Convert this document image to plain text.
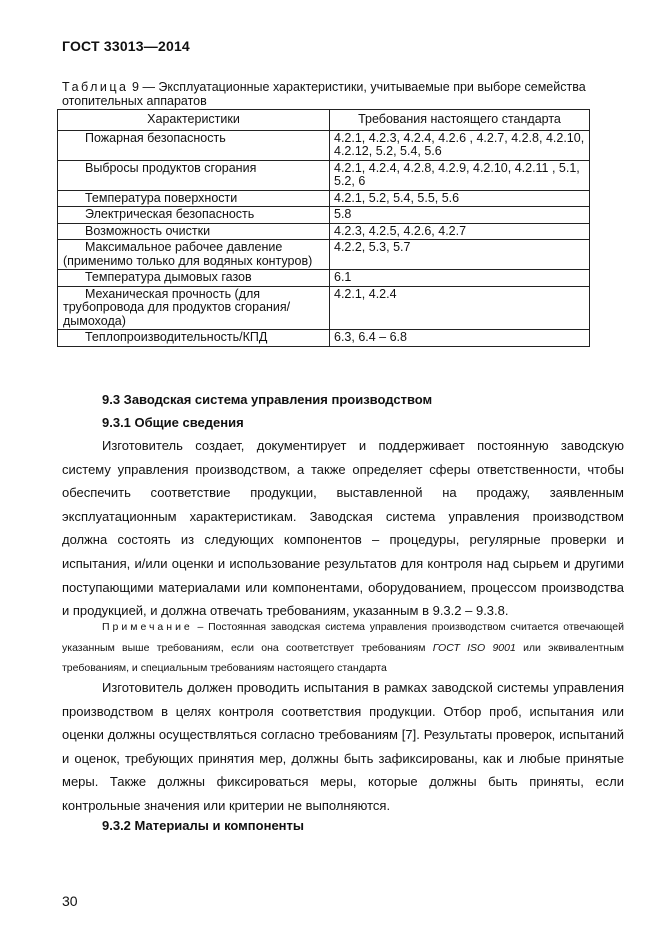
ГОСТ 33013—2014
Таблица 9 — Эксплуатационные характеристики, учитываемые при выборе семейства отопительных аппаратов
Характеристики	Требования настоящего стандарта
Пожарная безопасность	4.2.1, 4.2.3, 4.2.4, 4.2.6 , 4.2.7, 4.2.8, 4.2.10, 4.2.12, 5.2, 5.4, 5.6
Выбросы продуктов сгорания	4.2.1, 4.2.4, 4.2.8, 4.2.9, 4.2.10, 4.2.11 , 5.1, 5.2, 6
Температура поверхности	4.2.1, 5.2, 5.4, 5.5, 5.6
Электрическая безопасность	5.8
Возможность очистки	4.2.3, 4.2.5, 4.2.6, 4.2.7
Максимальное рабочее давление (применимо только для водяных контуров)	4.2.2, 5.3, 5.7
Температура дымовых газов	6.1
Механическая прочность (для трубопровода для продуктов сгорания/дымохода)	4.2.1, 4.2.4
Теплопроизводительность/КПД	6.3, 6.4 – 6.8
9.3 Заводская система управления производством
9.3.1 Общие сведения
Изготовитель создает, документирует и поддерживает постоянную заводскую систему управления производством, а также определяет сферы ответственности, чтобы обеспечить соответствие продукции, выставленной на продажу, заявленным эксплуатационным характеристикам. Заводская система управления производством должна состоять из следующих компонентов – процедуры, регулярные проверки и испытания, и/или оценки и использование результатов для контроля над сырьем и другими поступающими материалами или компонентами, оборудованием, процессом производства и продукцией, и должна отвечать требованиям, указанным в 9.3.2 – 9.3.8.
Примечание – Постоянная заводская система управления производством считается отвечающей указанным выше требованиям, если она соответствует требованиям ГОСТ ISO 9001 или эквивалентным требованиям, и специальным требованиям настоящего стандарта
Изготовитель должен проводить испытания в рамках заводской системы управления производством в целях контроля соответствия продукции. Отбор проб, испытания или оценки должны осуществляться согласно требованиям [7]. Результаты проверок, испытаний и оценок, требующих принятия мер, должны быть зафиксированы, как и любые принятые меры. Также должны фиксироваться меры, которые должны быть приняты, если контрольные значения или критерии не выполняются.
9.3.2 Материалы и компоненты
30
